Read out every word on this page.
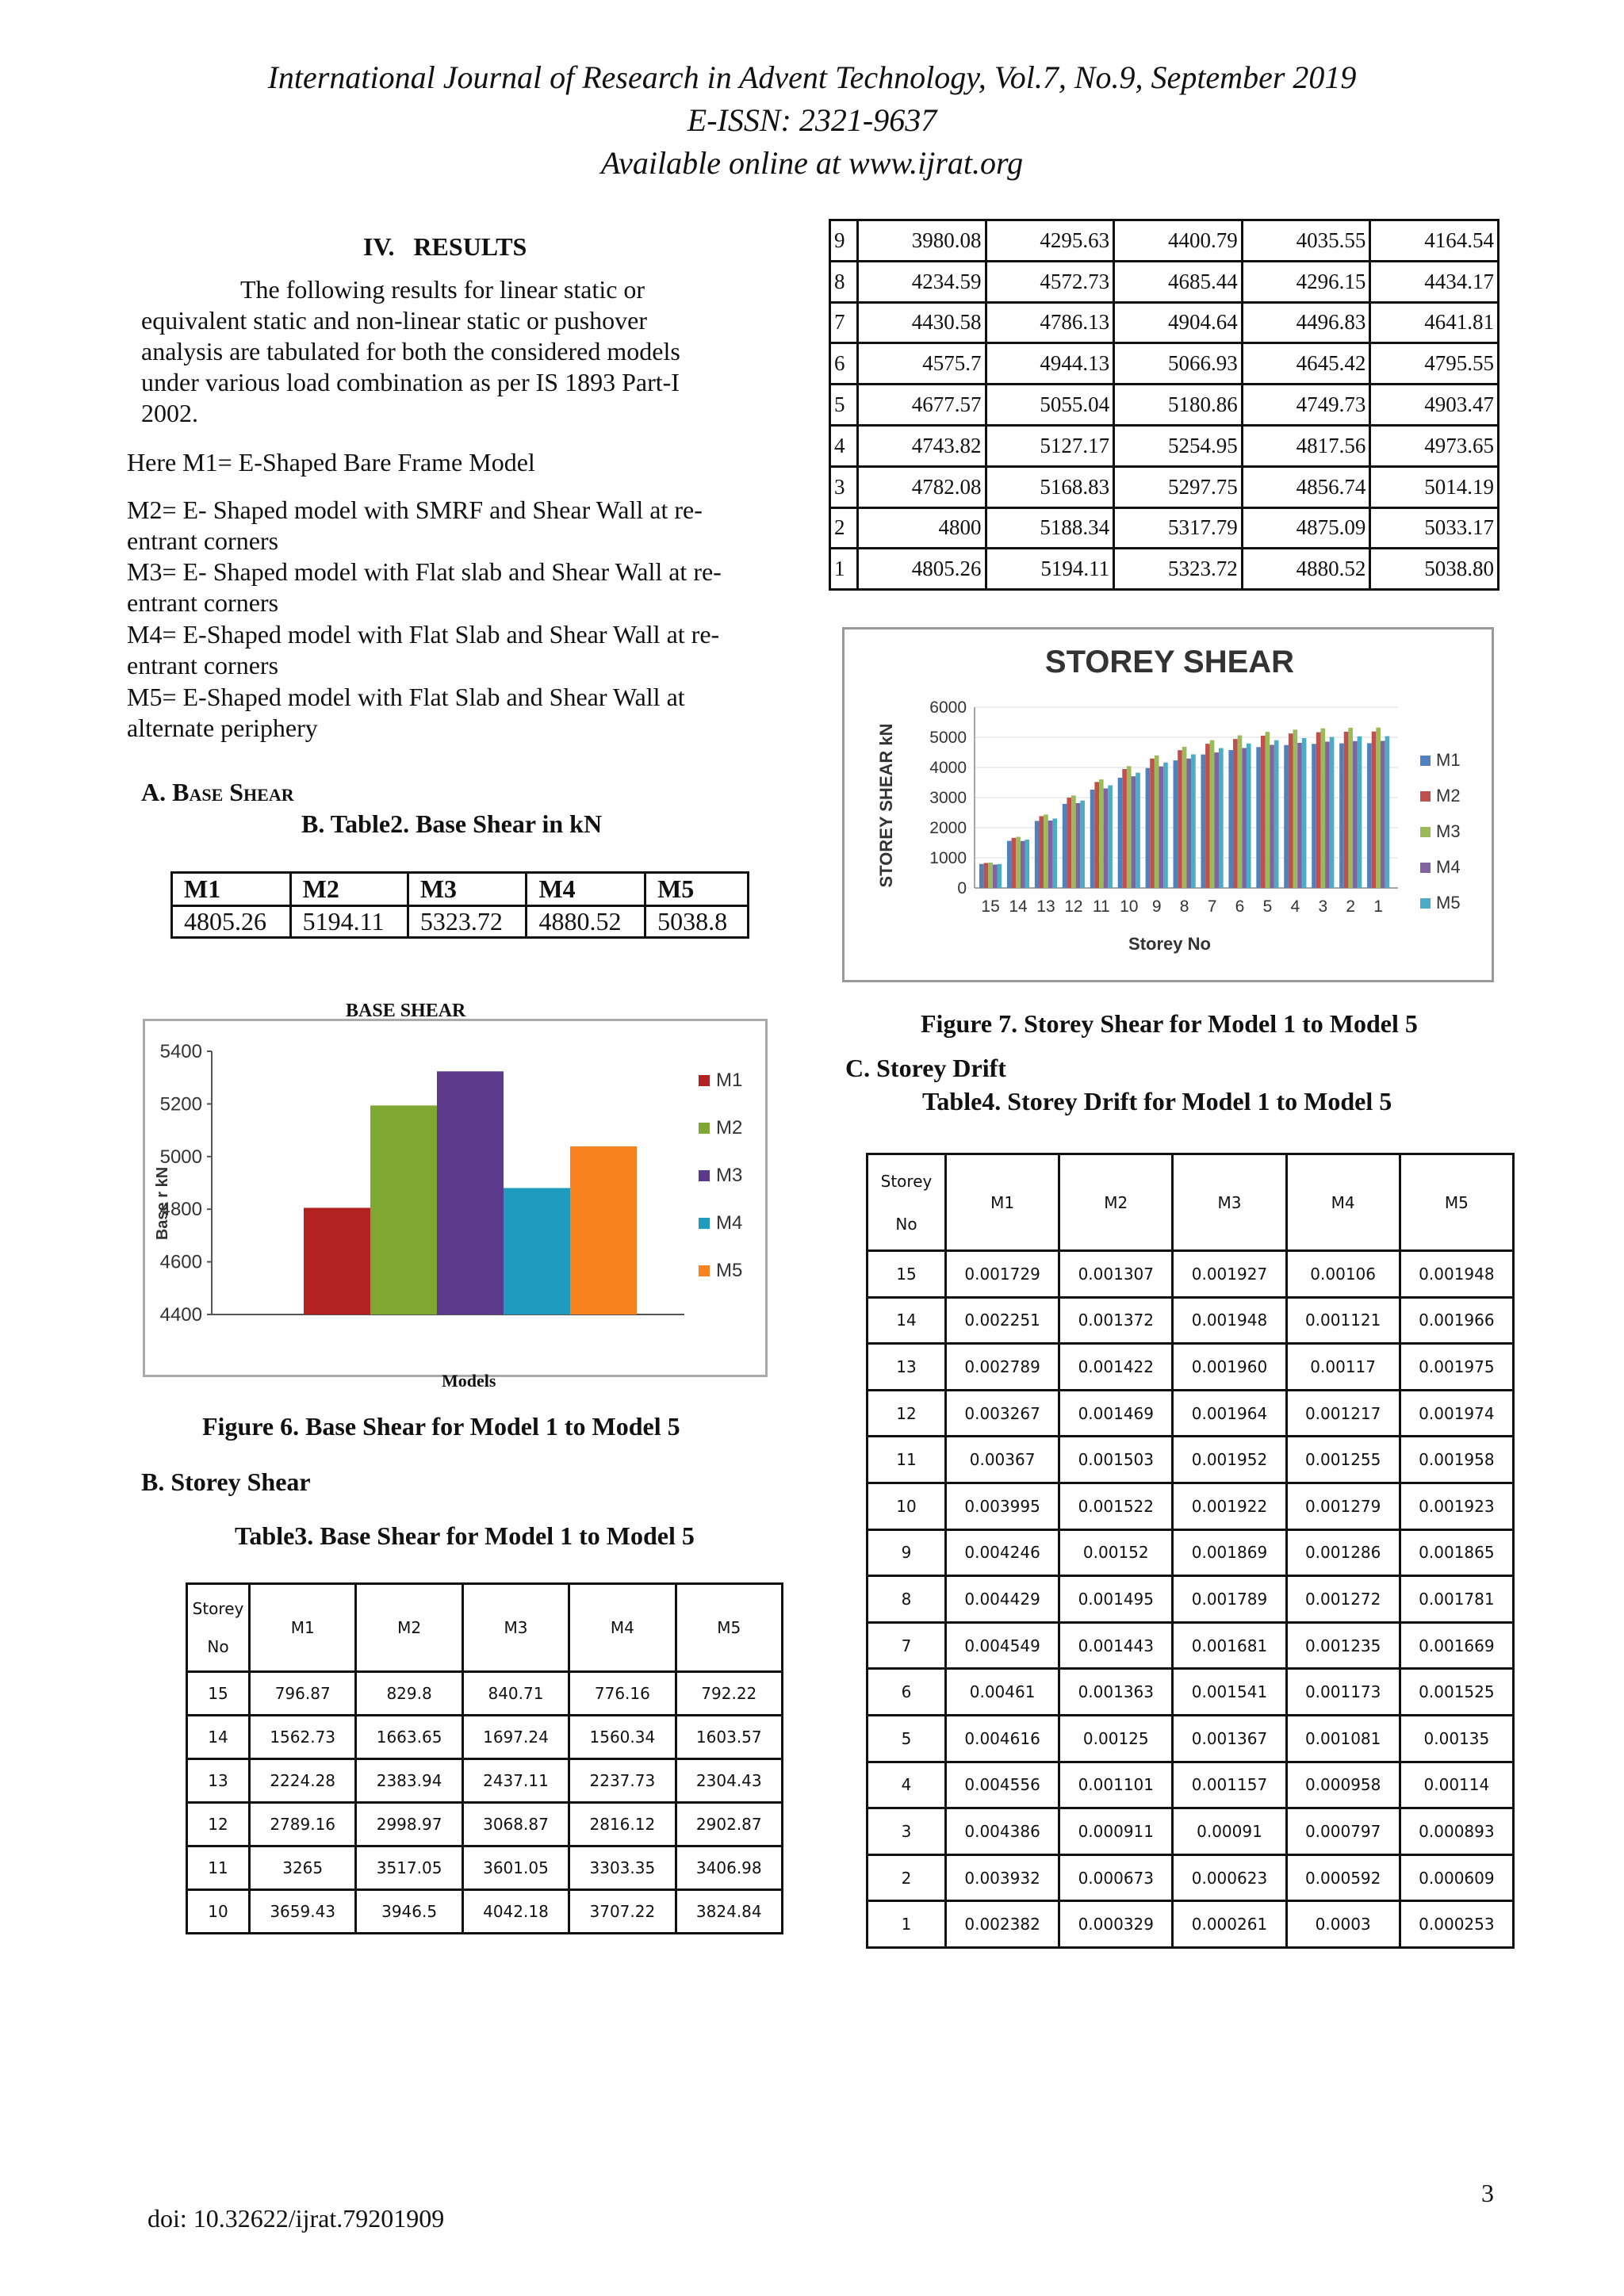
International Journal of Research in Advent Technology, Vol.7, No.9, September 2019
E-ISSN: 2321-9637
Available online at www.ijrat.org
IV.   RESULTS
The following results for linear static or equivalent static and non-linear static or pushover analysis are tabulated for both the considered models under various load combination as per IS 1893 Part-I 2002.
Here M1= E-Shaped Bare Frame Model
M2= E- Shaped model with SMRF and Shear Wall at re-entrant corners
M3= E- Shaped model with Flat slab and Shear Wall at re-entrant corners
M4= E-Shaped model with Flat Slab and Shear Wall at re-entrant corners
M5= E-Shaped model with Flat Slab and Shear Wall at alternate periphery
A. Base Shear
B. Table2. Base Shear in kN
M1	M2	M3	M4	M5
4805.26	5194.11	5323.72	4880.52	5038.8
4400
4600
4800
5000
5200
5400
M1
M2
M3
M4
M5
Base r kN
BASE SHEAR
Models
Figure 6. Base Shear for Model 1 to Model 5
B. Storey Shear
Table3. Base Shear for Model 1 to Model 5
Storey No	M1	M2	M3	M4	M5
15	796.87	829.8	840.71	776.16	792.22
14	1562.73	1663.65	1697.24	1560.34	1603.57
13	2224.28	2383.94	2437.11	2237.73	2304.43
12	2789.16	2998.97	3068.87	2816.12	2902.87
11	3265	3517.05	3601.05	3303.35	3406.98
10	3659.43	3946.5	4042.18	3707.22	3824.84
9	3980.08	4295.63	4400.79	4035.55	4164.54
8	4234.59	4572.73	4685.44	4296.15	4434.17
7	4430.58	4786.13	4904.64	4496.83	4641.81
6	4575.7	4944.13	5066.93	4645.42	4795.55
5	4677.57	5055.04	5180.86	4749.73	4903.47
4	4743.82	5127.17	5254.95	4817.56	4973.65
3	4782.08	5168.83	5297.75	4856.74	5014.19
2	4800	5188.34	5317.79	4875.09	5033.17
1	4805.26	5194.11	5323.72	4880.52	5038.80
STOREY SHEAR
0
1000
2000
3000
4000
5000
6000
15 14 13 12 11 10 9 8 7 6 5 4 3 2 1
M1
M2
M3
M4
M5
Storey No
STOREY SHEAR kN
Figure 7. Storey Shear for Model 1 to Model 5
C. Storey Drift
Table4. Storey Drift for Model 1 to Model 5
Storey No	M1	M2	M3	M4	M5
15	0.001729	0.001307	0.001927	0.00106	0.001948
14	0.002251	0.001372	0.001948	0.001121	0.001966
13	0.002789	0.001422	0.001960	0.00117	0.001975
12	0.003267	0.001469	0.001964	0.001217	0.001974
11	0.00367	0.001503	0.001952	0.001255	0.001958
10	0.003995	0.001522	0.001922	0.001279	0.001923
9	0.004246	0.00152	0.001869	0.001286	0.001865
8	0.004429	0.001495	0.001789	0.001272	0.001781
7	0.004549	0.001443	0.001681	0.001235	0.001669
6	0.00461	0.001363	0.001541	0.001173	0.001525
5	0.004616	0.00125	0.001367	0.001081	0.00135
4	0.004556	0.001101	0.001157	0.000958	0.00114
3	0.004386	0.000911	0.00091	0.000797	0.000893
2	0.003932	0.000673	0.000623	0.000592	0.000609
1	0.002382	0.000329	0.000261	0.0003	0.000253
3
doi: 10.32622/ijrat.79201909
